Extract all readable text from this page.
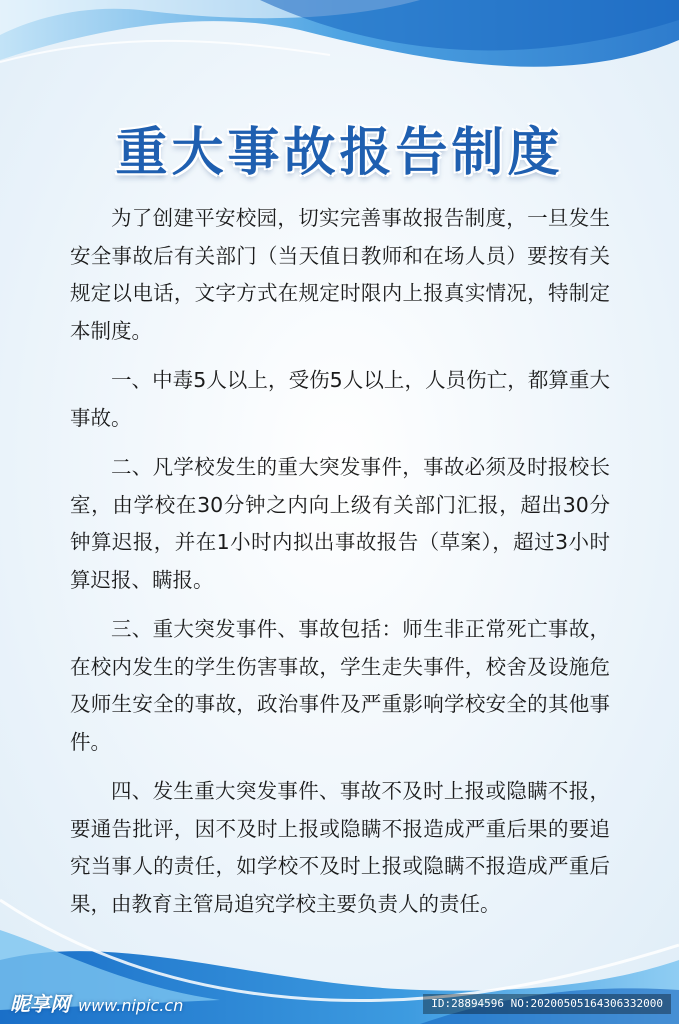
重大事故报告制度

为了创建平安校园，切实完善事故报告制度，一旦发生安全事故后有关部门（当天值日教师和在场人员）要按有关规定以电话，文字方式在规定时限内上报真实情况，特制定本制度。

一、中毒5人以上，受伤5人以上，人员伤亡，都算重大事故。

二、凡学校发生的重大突发事件，事故必须及时报校长室，由学校在30分钟之内向上级有关部门汇报，超出30分钟算迟报，并在1小时内拟出事故报告（草案），超过3小时算迟报、瞒报。

三、重大突发事件、事故包括：师生非正常死亡事故，在校内发生的学生伤害事故，学生走失事件，校舍及设施危及师生安全的事故，政治事件及严重影响学校安全的其他事件。

四、发生重大突发事件、事故不及时上报或隐瞒不报，要通告批评，因不及时上报或隐瞒不报造成严重后果的要追究当事人的责任，如学校不及时上报或隐瞒不报造成严重后果，由教育主管局追究学校主要负责人的责任。

昵享网 www.nipic.cn	ID:28894596 NO:20200505164306332000
